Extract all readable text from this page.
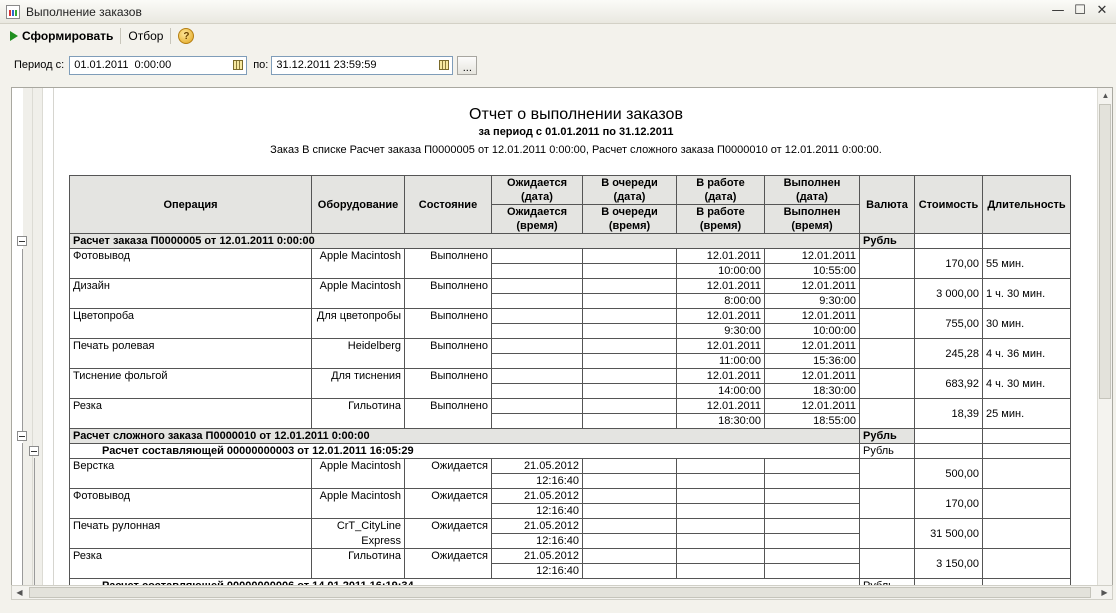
Выполнение заказов	— ☐ ✕
Сформировать Отбор	?
Период с: 01.01.2011  0:00:00	по: 31.12.2011 23:59:59	...
Отчет о выполнении заказов
за период с 01.01.2011 по 31.12.2011
Заказ В списке Расчет заказа П0000005 от 12.01.2011 0:00:00, Расчет сложного заказа П0000010 от 12.01.2011 0:00:00.
Операция	Оборудование	Состояние	Ожидается (дата)	В очереди (дата)	В работе (дата)	Выполнен (дата)	Валюта	Стоимость	Длительность
			Ожидается (время)	В очереди (время)	В работе (время)	Выполнен (время)			
Расчет заказа П0000005 от 12.01.2011 0:00:00							Рубль		
Фотовывод	Apple Macintosh	Выполнено			12.01.2011	12.01.2011		170,00	55 мин.
					10:00:00	10:55:00			
Дизайн	Apple Macintosh	Выполнено			12.01.2011	12.01.2011		3 000,00	1 ч. 30 мин.
					8:00:00	9:30:00			
Цветопроба	Для цветопробы	Выполнено			12.01.2011	12.01.2011		755,00	30 мин.
					9:30:00	10:00:00			
Печать ролевая	Heidelberg	Выполнено			12.01.2011	12.01.2011		245,28	4 ч. 36 мин.
					11:00:00	15:36:00			
Тиснение фольгой	Для тиснения	Выполнено			12.01.2011	12.01.2011		683,92	4 ч. 30 мин.
					14:00:00	18:30:00			
Резка	Гильотина	Выполнено			12.01.2011	12.01.2011		18,39	25 мин.
					18:30:00	18:55:00			
Расчет сложного заказа П0000010 от 12.01.2011 0:00:00							Рубль		
Расчет составляющей 00000000003 от 12.01.2011 16:05:29							Рубль		
Верстка	Apple Macintosh	Ожидается	21.05.2012					500,00	
			12:16:40						
Фотовывод	Apple Macintosh	Ожидается	21.05.2012					170,00	
			12:16:40						
Печать рулонная	CrT_CityLine	Ожидается	21.05.2012					31 500,00	
	Express		12:16:40						
Резка	Гильотина	Ожидается	21.05.2012					3 150,00	
			12:16:40						

▲
◀	▶
